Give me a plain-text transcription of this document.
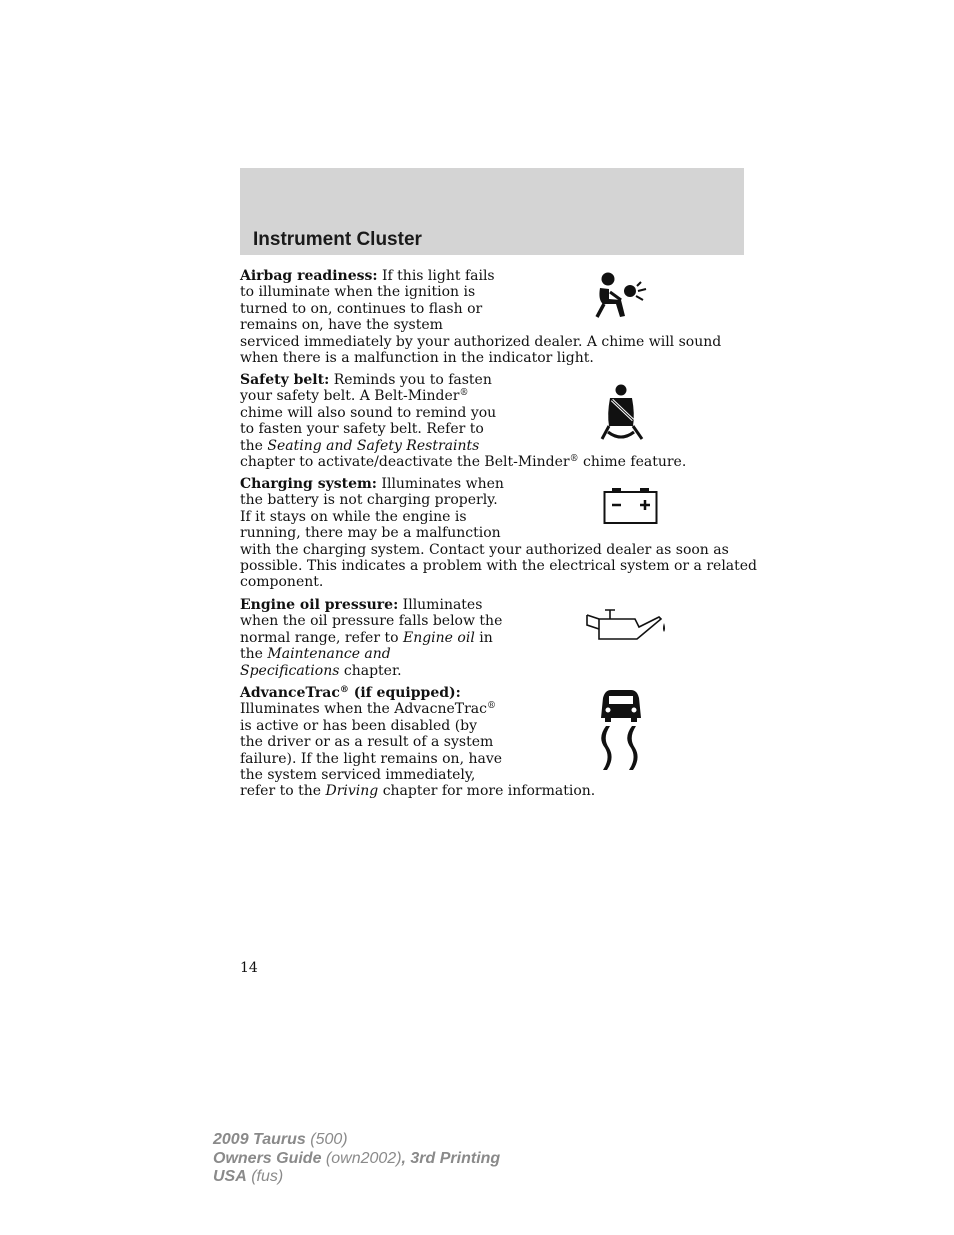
Instrument Cluster
Airbag readiness: If this light fails
to illuminate when the ignition is
turned to on, continues to flash or
remains on, have the system
serviced immediately by your authorized dealer. A chime will sound
when there is a malfunction in the indicator light.
Safety belt: Reminds you to fasten
your safety belt. A Belt-Minder®
chime will also sound to remind you
to fasten your safety belt. Refer to
the Seating and Safety Restraints
chapter to activate/deactivate the Belt-Minder® chime feature.
Charging system: Illuminates when
the battery is not charging properly.
If it stays on while the engine is
running, there may be a malfunction
with the charging system. Contact your authorized dealer as soon as
possible. This indicates a problem with the electrical system or a related
component.
Engine oil pressure: Illuminates
when the oil pressure falls below the
normal range, refer to Engine oil in
the Maintenance and
Specifications chapter.
AdvanceTrac® (if equipped):
Illuminates when the AdvacneTrac®
is active or has been disabled (by
the driver or as a result of a system
failure). If the light remains on, have
the system serviced immediately,
refer to the Driving chapter for more information.
14
2009 Taurus (500)
Owners Guide (own2002), 3rd Printing
USA (fus)
